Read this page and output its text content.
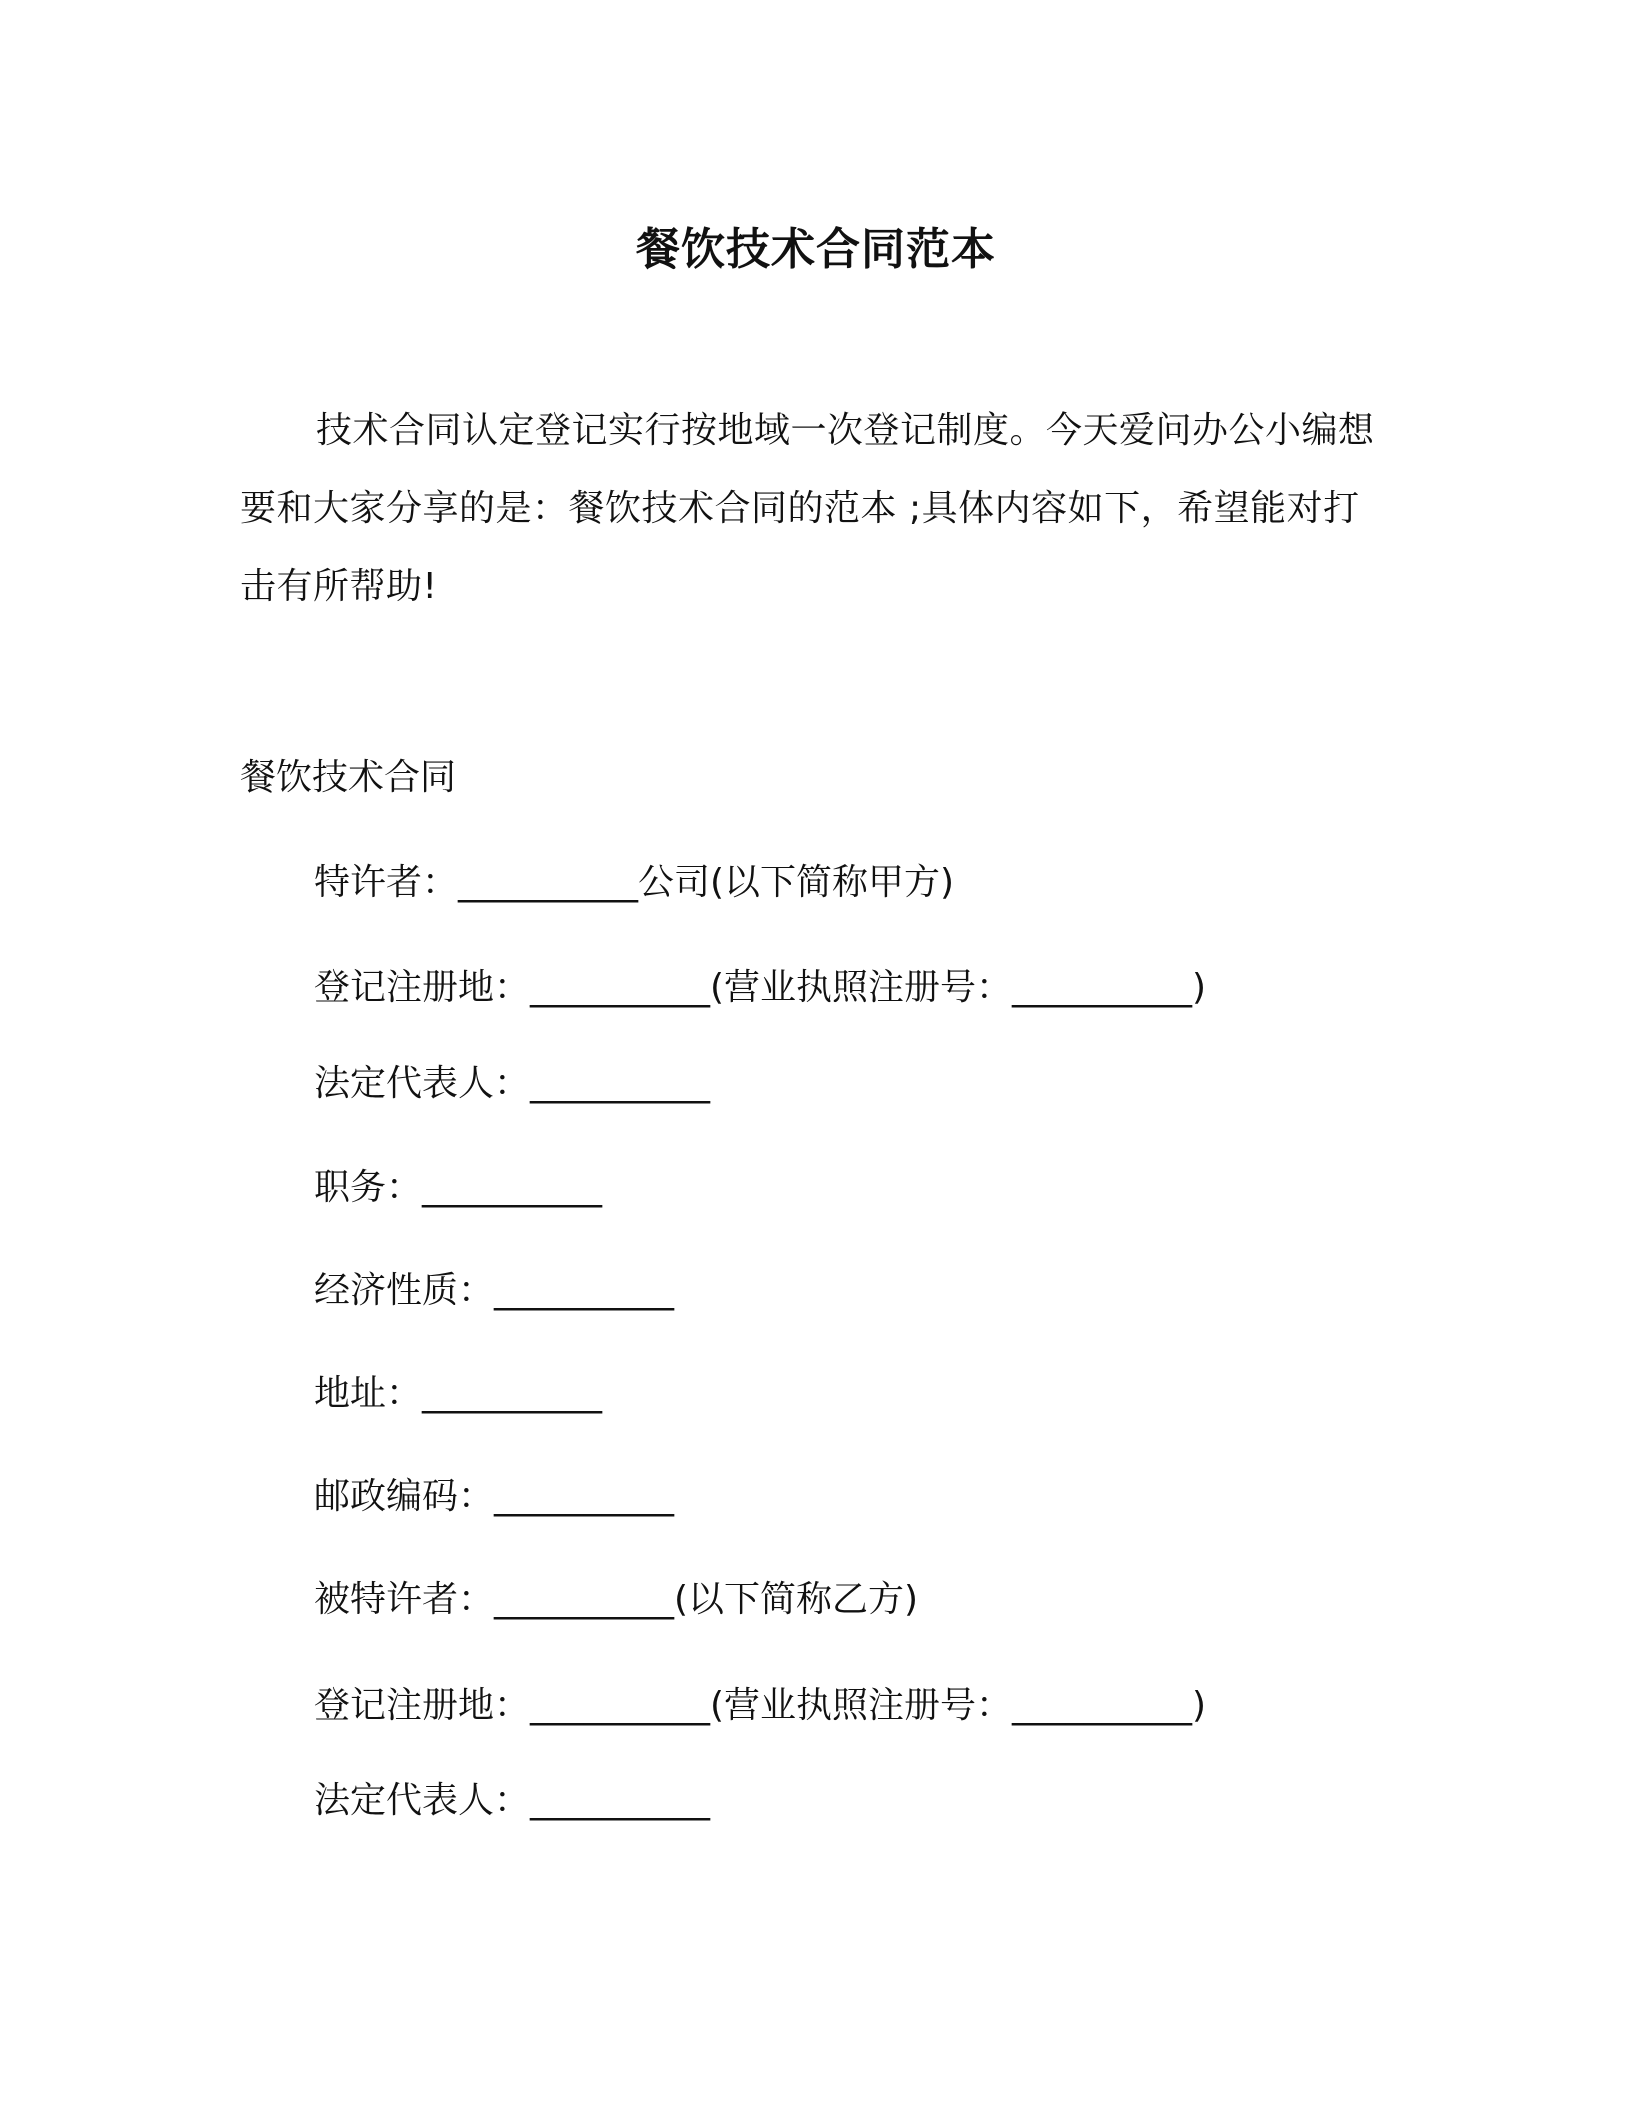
餐饮技术合同范本
技术合同认定登记实行按地域一次登记制度。今天爱问办公小编想要和大家分享的是：餐饮技术合同的范本 ;具体内容如下，希望能对打击有所帮助!
餐饮技术合同
特许者：__________公司(以下简称甲方)
登记注册地：__________(营业执照注册号：__________)
法定代表人：__________
职务：__________
经济性质：__________
地址：__________
邮政编码：__________
被特许者：__________(以下简称乙方)
登记注册地：__________(营业执照注册号：__________)
法定代表人：__________
